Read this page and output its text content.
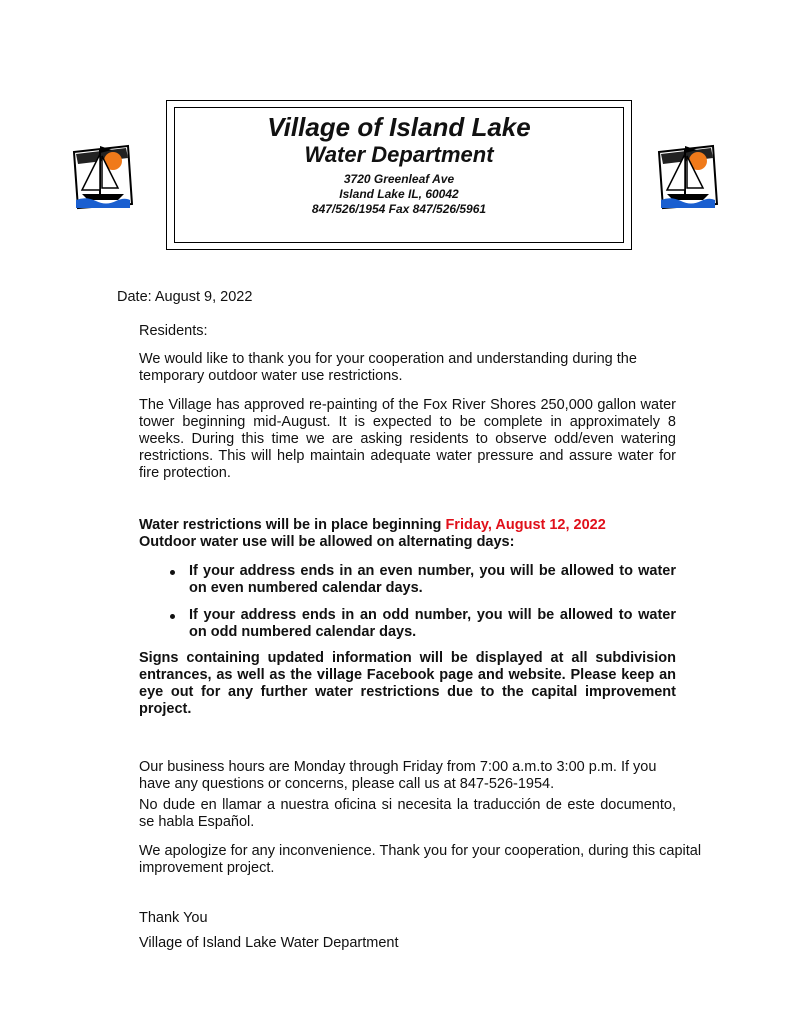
Village of Island Lake
Water Department
3720 Greenleaf Ave
Island Lake IL, 60042
847/526/1954 Fax 847/526/5961
Date: August 9, 2022
Residents:
We would like to thank you for your cooperation and understanding during the temporary outdoor water use restrictions.
The Village has approved re-painting of the Fox River Shores 250,000 gallon water tower beginning mid-August. It is expected to be complete in approximately 8 weeks. During this time we are asking residents to observe odd/even watering restrictions. This will help maintain adequate water pressure and assure water for fire protection.
Water restrictions will be in place beginning Friday, August 12, 2022
Outdoor water use will be allowed on alternating days:
If your address ends in an even number, you will be allowed to water on even numbered calendar days.
If your address ends in an odd number, you will be allowed to water on odd numbered calendar days.
Signs containing updated information will be displayed at all subdivision entrances, as well as the village Facebook page and website. Please keep an eye out for any further water restrictions due to the capital improvement project.
Our business hours are Monday through Friday from 7:00 a.m.to 3:00 p.m. If you have any questions or concerns, please call us at 847-526-1954.
No dude en llamar a nuestra oficina si necesita la traducción de este documento, se habla Español.
We apologize for any inconvenience. Thank you for your cooperation, during this capital improvement project.
Thank You
Village of Island Lake Water Department
